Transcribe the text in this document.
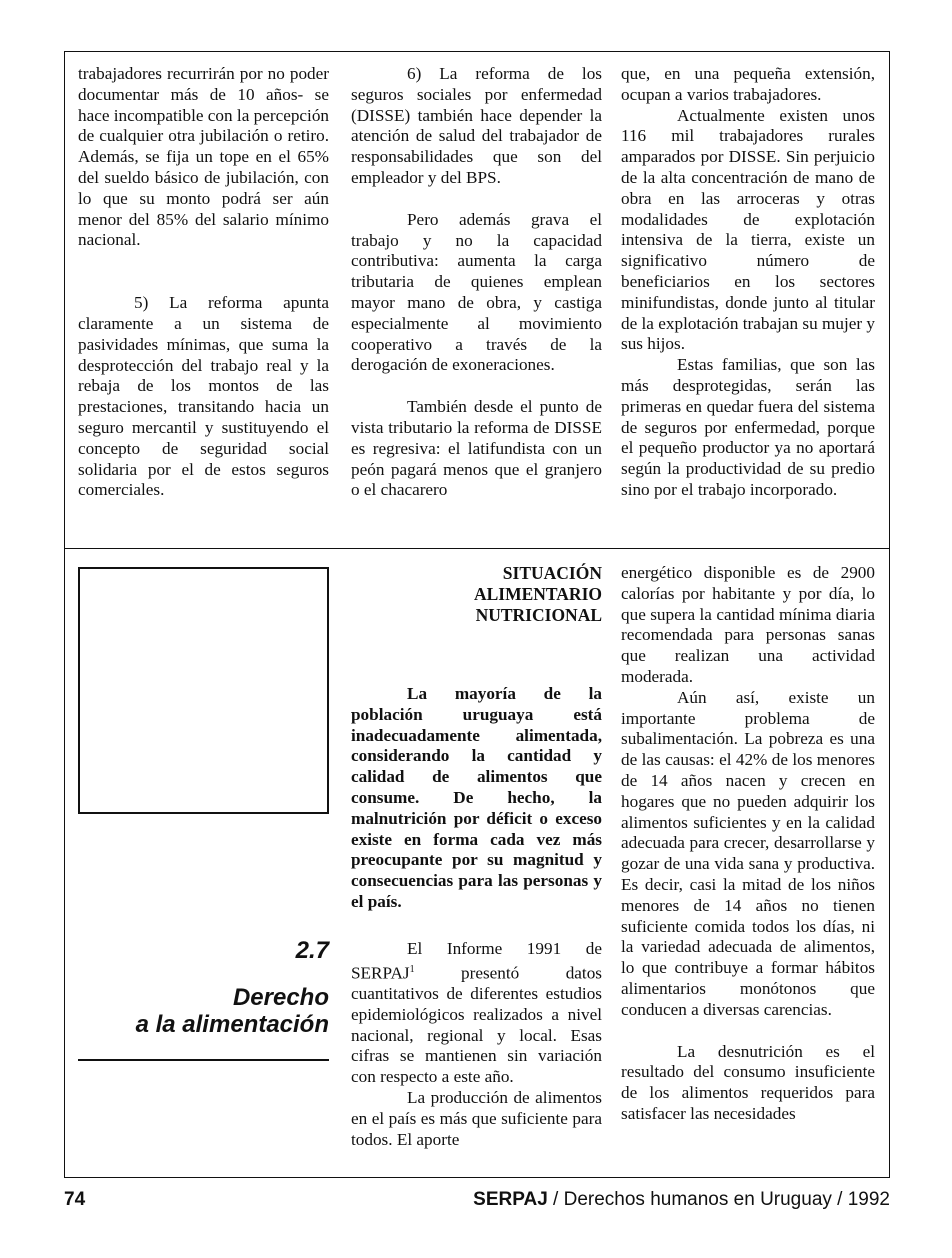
trabajadores recurrirán por no poder documentar más de 10 años- se hace incompatible con la percepción de cualquier otra jubilación o retiro. Además, se fija un tope en el 65% del sueldo básico de jubilación, con lo que su monto podrá ser aún menor del 85% del salario mínimo nacional.

5) La reforma apunta claramente a un sistema de pasividades mínimas, que suma la desprotección del trabajo real y la rebaja de los montos de las prestaciones, transitando hacia un seguro mercantil y sustituyendo el concepto de seguridad social solidaria por el de estos seguros comerciales.

6) La reforma de los seguros sociales por enfermedad (DISSE) también hace depender la atención de salud del trabajador de responsabilidades que son del empleador y del BPS.

Pero además grava el trabajo y no la capacidad contributiva: aumenta la carga tributaria de quienes emplean mayor mano de obra, y castiga especialmente al movimiento cooperativo a través de la derogación de exoneraciones.

También desde el punto de vista tributario la reforma de DISSE es regresiva: el latifundista con un peón pagará menos que el granjero o el chacarero

que, en una pequeña extensión, ocupan a varios trabajadores.

Actualmente existen unos 116 mil trabajadores rurales amparados por DISSE. Sin perjuicio de la alta concentración de mano de obra en las arroceras y otras modalidades de explotación intensiva de la tierra, existe un significativo número de beneficiarios en los sectores minifundistas, donde junto al titular de la explotación trabajan su mujer y sus hijos.

Estas familias, que son las más desprotegidas, serán las primeras en quedar fuera del sistema de seguros por enfermedad, porque el pequeño productor ya no aportará según la productividad de su predio sino por el trabajo incorporado.

2.7
Derecho
a la alimentación
SITUACIÓN
ALIMENTARIO
NUTRICIONAL

La mayoría de la población uruguaya está inadecuadamente alimentada, considerando la cantidad y calidad de alimentos que consume. De hecho, la malnutrición por déficit o exceso existe en forma cada vez más preocupante por su magnitud y consecuencias para las personas y el país.

El Informe 1991 de SERPAJ$^1$ presentó datos cuantitativos de diferentes estudios epidemiológicos realizados a nivel nacional, regional y local. Esas cifras se mantienen sin variación con respecto a este año.

La producción de alimentos en el país es más que suficiente para todos. El aporte

energético disponible es de 2900 calorías por habitante y por día, lo que supera la cantidad mínima diaria recomendada para personas sanas que realizan una actividad moderada.

Aún así, existe un importante problema de subalimentación. La pobreza es una de las causas: el 42% de los menores de 14 años nacen y crecen en hogares que no pueden adquirir los alimentos suficientes y en la calidad adecuada para crecer, desarrollarse y gozar de una vida sana y productiva. Es decir, casi la mitad de los niños menores de 14 años no tienen suficiente comida todos los días, ni la variedad adecuada de alimentos, lo que contribuye a formar hábitos alimentarios monótonos que conducen a diversas carencias.

La desnutrición es el resultado del consumo insuficiente de los alimentos requeridos para satisfacer las necesidades

74	SERPAJ / Derechos humanos en Uruguay / 1992
